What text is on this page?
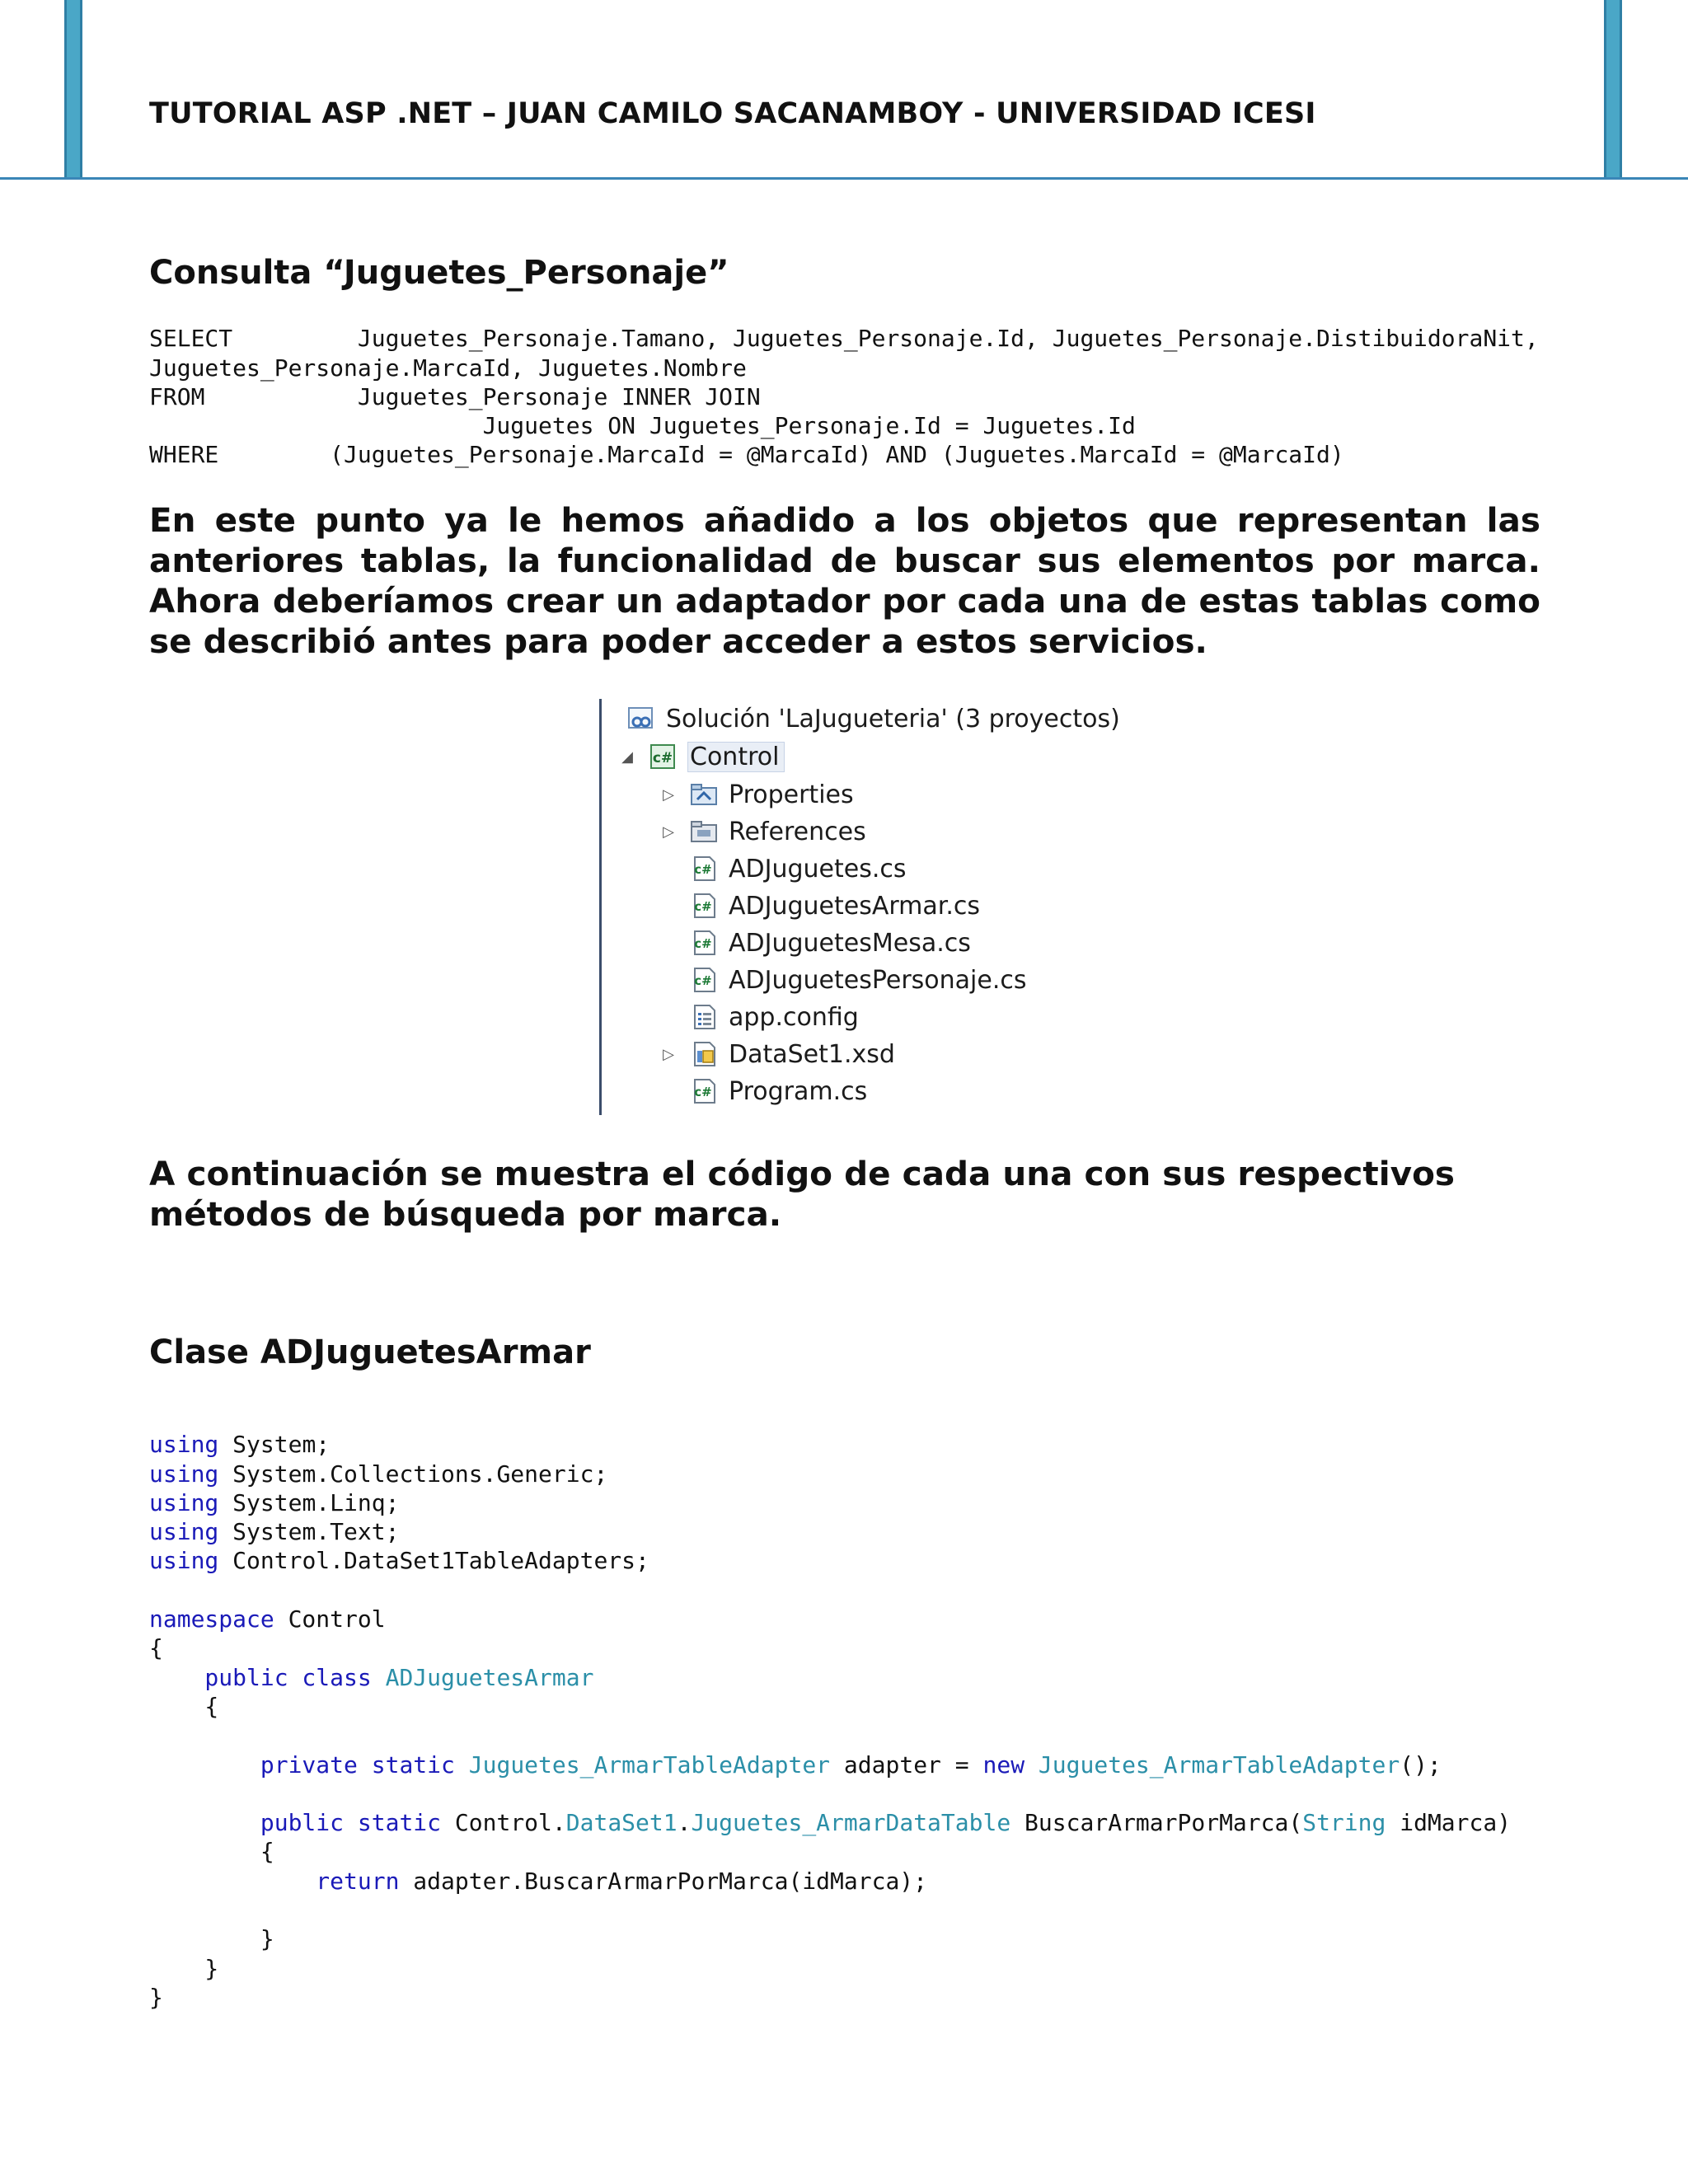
TUTORIAL ASP .NET – JUAN CAMILO SACANAMBOY - UNIVERSIDAD ICESI
Consulta “Juguetes_Personaje”

SELECT         Juguetes_Personaje.Tamano, Juguetes_Personaje.Id, Juguetes_Personaje.DistibuidoraNit,
Juguetes_Personaje.MarcaId, Juguetes.Nombre
FROM           Juguetes_Personaje INNER JOIN
Juguetes ON Juguetes_Personaje.Id = Juguetes.Id
WHERE        (Juguetes_Personaje.MarcaId = @MarcaId) AND (Juguetes.MarcaId = @MarcaId)

En este punto ya le hemos añadido a los objetos que representan las anteriores tablas, la funcionalidad de buscar sus elementos por marca. Ahora deberíamos crear un adaptador por cada una de estas tablas como se describió antes para poder acceder a estos servicios.

Solución 'LaJugueteria' (3 proyectos)
◢ c# Control
▷ Properties
▷ References
c# ADJuguetes.cs
c# ADJuguetesArmar.cs
c# ADJuguetesMesa.cs
c# ADJuguetesPersonaje.cs
app.config
▷ DataSet1.xsd
c# Program.cs

A continuación se muestra el código de cada una con sus respectivos métodos de búsqueda por marca.

Clase ADJuguetesArmar

using System;
using System.Collections.Generic;
using System.Linq;
using System.Text;
using Control.DataSet1TableAdapters;
namespace Control
{
public class ADJuguetesArmar
{
private static Juguetes_ArmarTableAdapter adapter = new Juguetes_ArmarTableAdapter();
public static Control.DataSet1.Juguetes_ArmarDataTable BuscarArmarPorMarca(String idMarca)
{
return adapter.BuscarArmarPorMarca(idMarca);
}
}
}
